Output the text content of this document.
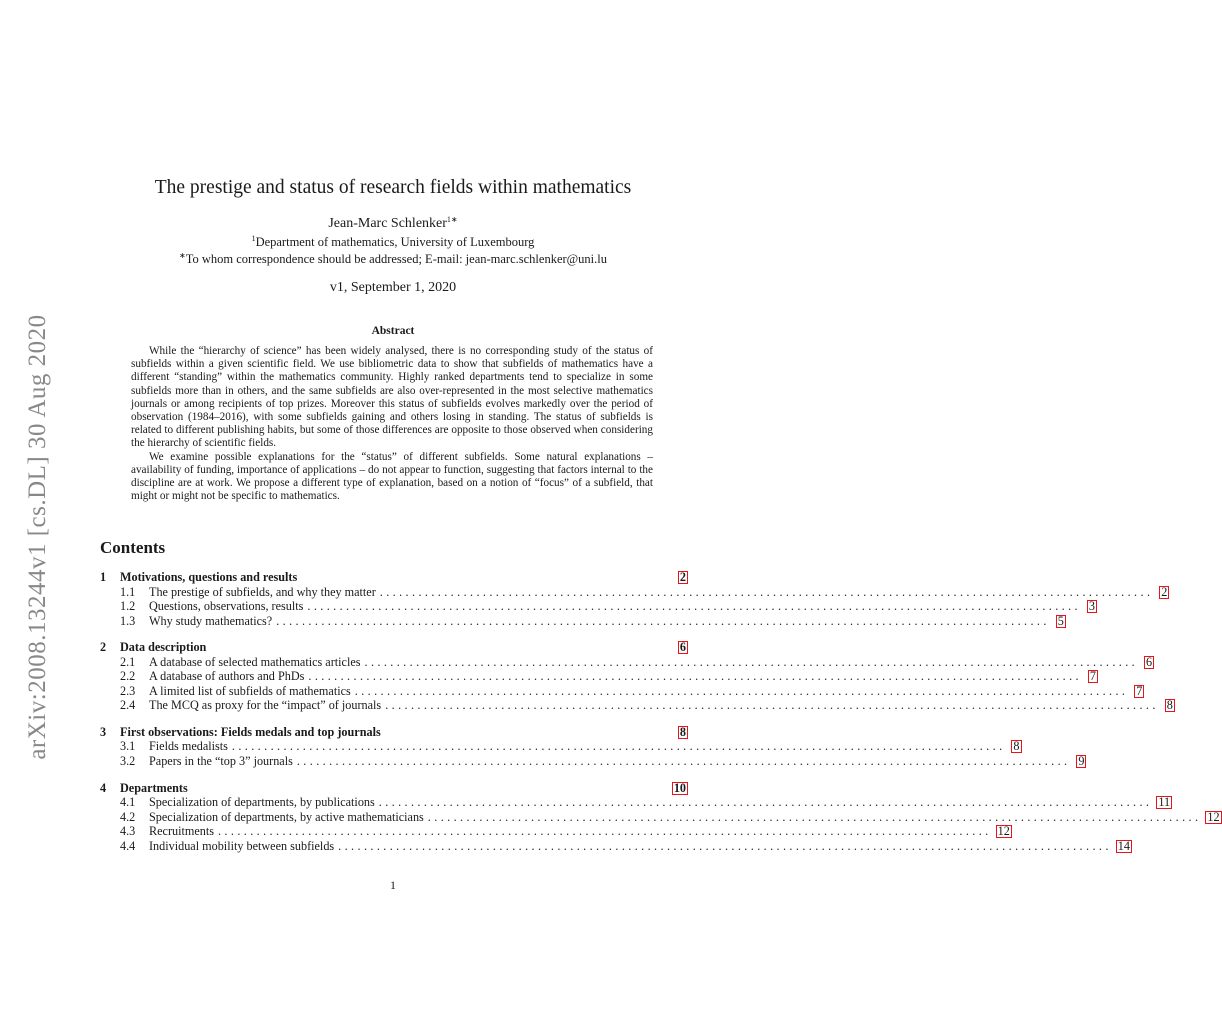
arXiv:2008.13244v1 [cs.DL] 30 Aug 2020
The prestige and status of research fields within mathematics
Jean-Marc Schlenker$^{1∗}$
$^1$Department of mathematics, University of Luxembourg
∗To whom correspondence should be addressed; E-mail: jean-marc.schlenker@uni.lu
v1, September 1, 2020
Abstract

While the “hierarchy of science” has been widely analysed, there is no corresponding study of the status of subfields within a given scientific field. We use bibliometric data to show that subfields of mathematics have a different “standing” within the mathematics community. Highly ranked departments tend to specialize in some subfields more than in others, and the same subfields are also over-represented in the most selective mathematics journals or among recipients of top prizes. Moreover this status of subfields evolves markedly over the period of observation (1984–2016), with some subfields gaining and others losing in standing. The status of subfields is related to different publishing habits, but some of those differences are opposite to those observed when considering the hierarchy of scientific fields.

We examine possible explanations for the “status” of different subfields. Some natural explanations – availability of funding, importance of applications – do not appear to function, suggesting that factors internal to the discipline are at work. We propose a different type of explanation, based on a notion of “focus” of a subfield, that might or might not be specific to mathematics.

Contents
1	Motivations, questions and results	2
1.1	The prestige of subfields, and why they matter ........................................................................................................................ 2
1.2	Questions, observations, results ........................................................................................................................ 3
1.3	Why study mathematics? ........................................................................................................................ 5
2	Data description	6
2.1	A database of selected mathematics articles ........................................................................................................................ 6
2.2	A database of authors and PhDs ........................................................................................................................ 7
2.3	A limited list of subfields of mathematics ........................................................................................................................ 7
2.4	The MCQ as proxy for the “impact” of journals ........................................................................................................................ 8
3	First observations: Fields medals and top journals	8
3.1	Fields medalists ........................................................................................................................ 8
3.2	Papers in the “top 3” journals ........................................................................................................................ 9
4	Departments	10
4.1	Specialization of departments, by publications ........................................................................................................................ 11
4.2	Specialization of departments, by active mathematicians ........................................................................................................................ 12
4.3	Recruitments ........................................................................................................................ 12
4.4	Individual mobility between subfields ........................................................................................................................ 14
1
